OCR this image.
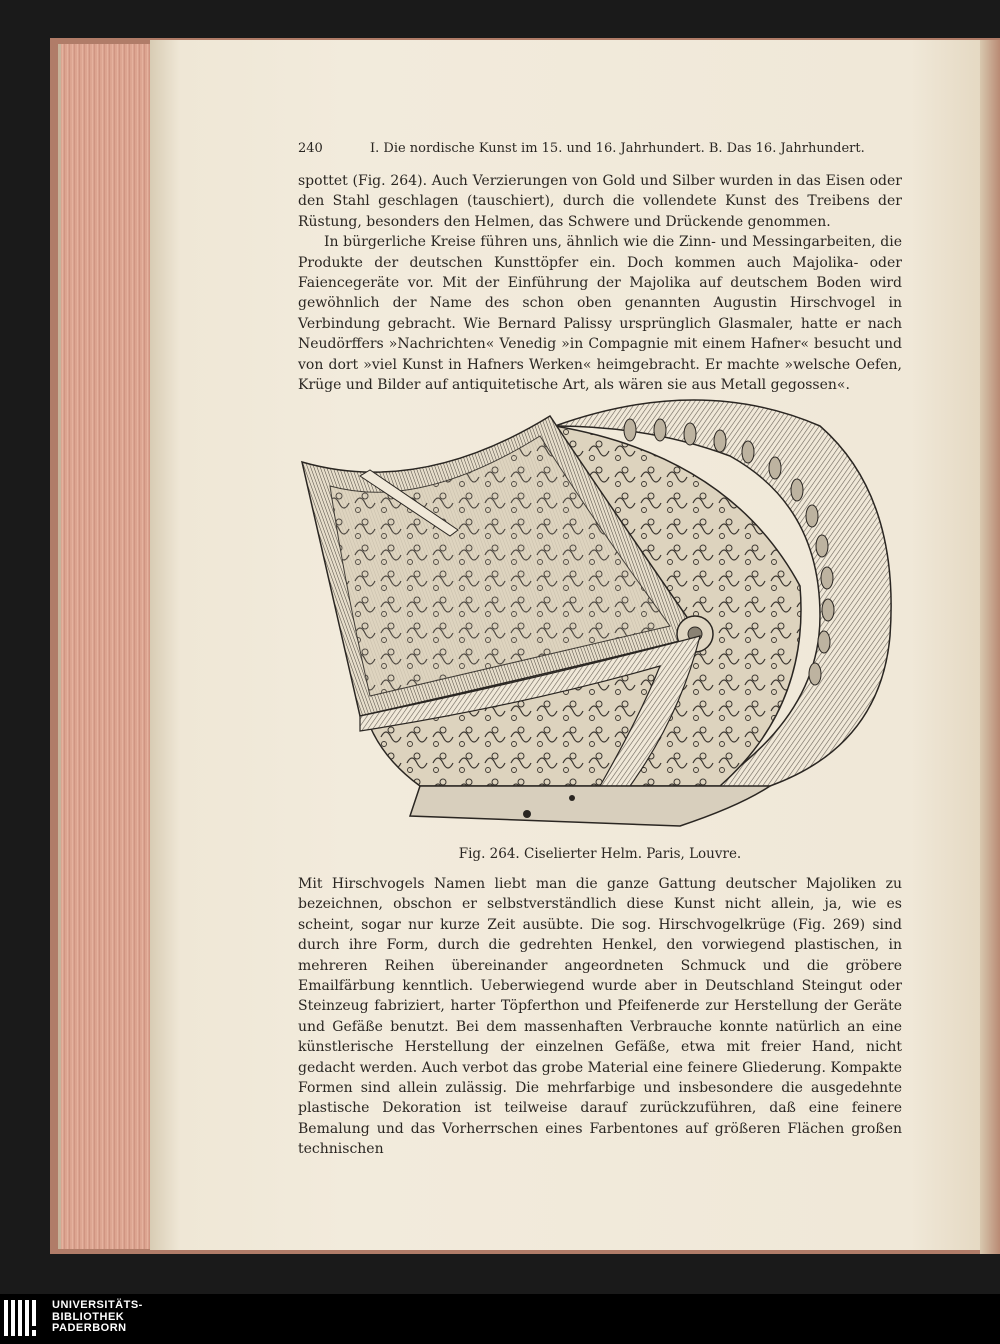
240	I. Die nordische Kunst im 15. und 16. Jahrhundert. B. Das 16. Jahrhundert.

spottet (Fig. 264). Auch Verzierungen von Gold und Silber wurden in das Eisen oder den Stahl geschlagen (tauschiert), durch die vollendete Kunst des Treibens der Rüstung, besonders den Helmen, das Schwere und Drückende genommen.

In bürgerliche Kreise führen uns, ähnlich wie die Zinn- und Messingarbeiten, die Produkte der deutschen Kunsttöpfer ein. Doch kommen auch Majolika- oder Faiencegeräte vor. Mit der Einführung der Majolika auf deutschem Boden wird gewöhnlich der Name des schon oben genannten Augustin Hirschvogel in Verbindung gebracht. Wie Bernard Palissy ursprünglich Glasmaler, hatte er nach Neudörffers »Nachrichten« Venedig »in Compagnie mit einem Hafner« besucht und von dort »viel Kunst in Hafners Werken« heimgebracht. Er machte »welsche Oefen, Krüge und Bilder auf antiquitetische Art, als wären sie aus Metall gegossen«.

Fig. 264. Ciselierter Helm. Paris, Louvre.

Mit Hirschvogels Namen liebt man die ganze Gattung deutscher Majoliken zu bezeichnen, obschon er selbstverständlich diese Kunst nicht allein, ja, wie es scheint, sogar nur kurze Zeit ausübte. Die sog. Hirschvogelkrüge (Fig. 269) sind durch ihre Form, durch die gedrehten Henkel, den vorwiegend plastischen, in mehreren Reihen übereinander angeordneten Schmuck und die gröbere Emailfärbung kenntlich. Ueberwiegend wurde aber in Deutschland Steingut oder Steinzeug fabriziert, harter Töpferthon und Pfeifenerde zur Herstellung der Geräte und Gefäße benutzt. Bei dem massenhaften Verbrauche konnte natürlich an eine künstlerische Herstellung der einzelnen Gefäße, etwa mit freier Hand, nicht gedacht werden. Auch verbot das grobe Material eine feinere Gliederung. Kompakte Formen sind allein zulässig. Die mehrfarbige und insbesondere die ausgedehnte plastische Dekoration ist teilweise darauf zurückzuführen, daß eine feinere Bemalung und das Vorherrschen eines Farbentones auf größeren Flächen großen technischen

UNIVERSITÄTS-
BIBLIOTHEK
PADERBORN
